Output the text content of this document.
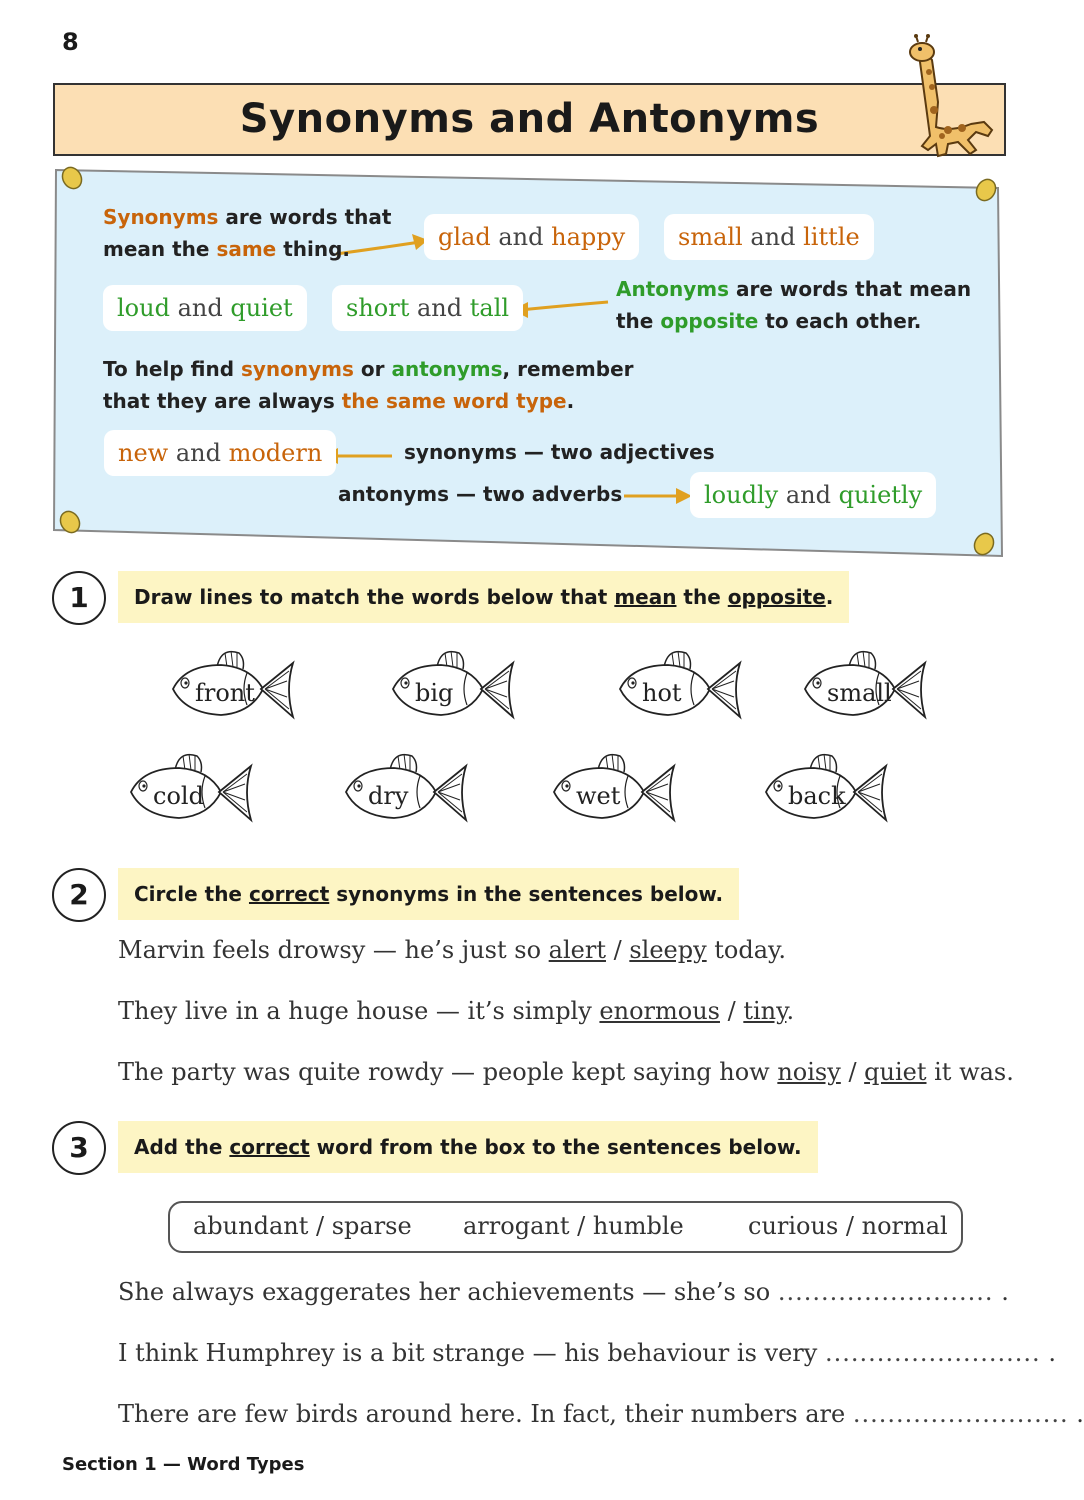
8
Synonyms and Antonyms
Synonyms are words that
mean the same thing.
Antonyms are words that mean
the opposite to each other.
To help find synonyms or antonyms, remember
that they are always the same word type.
glad and happy	small and little
loud and quiet	short and tall
new and modern
loudly and quietly
synonyms — two adjectives
antonyms — two adverbs
1	Draw lines to match the words below that mean the opposite.
front	big	hot	small
cold	dry	wet	back
2	Circle the correct synonyms in the sentences below.
Marvin feels drowsy — he’s just so alert / sleepy today.
They live in a huge house — it’s simply enormous / tiny.
The party was quite rowdy — people kept saying how noisy / quiet it was.
3	Add the correct word from the box to the sentences below.
abundant / sparse arrogant / humble	curious / normal
She always exaggerates her achievements — she’s so ......................... .
I think Humphrey is a bit strange — his behaviour is very ......................... .
There are few birds around here. In fact, their numbers are ......................... .
Section 1 — Word Types
